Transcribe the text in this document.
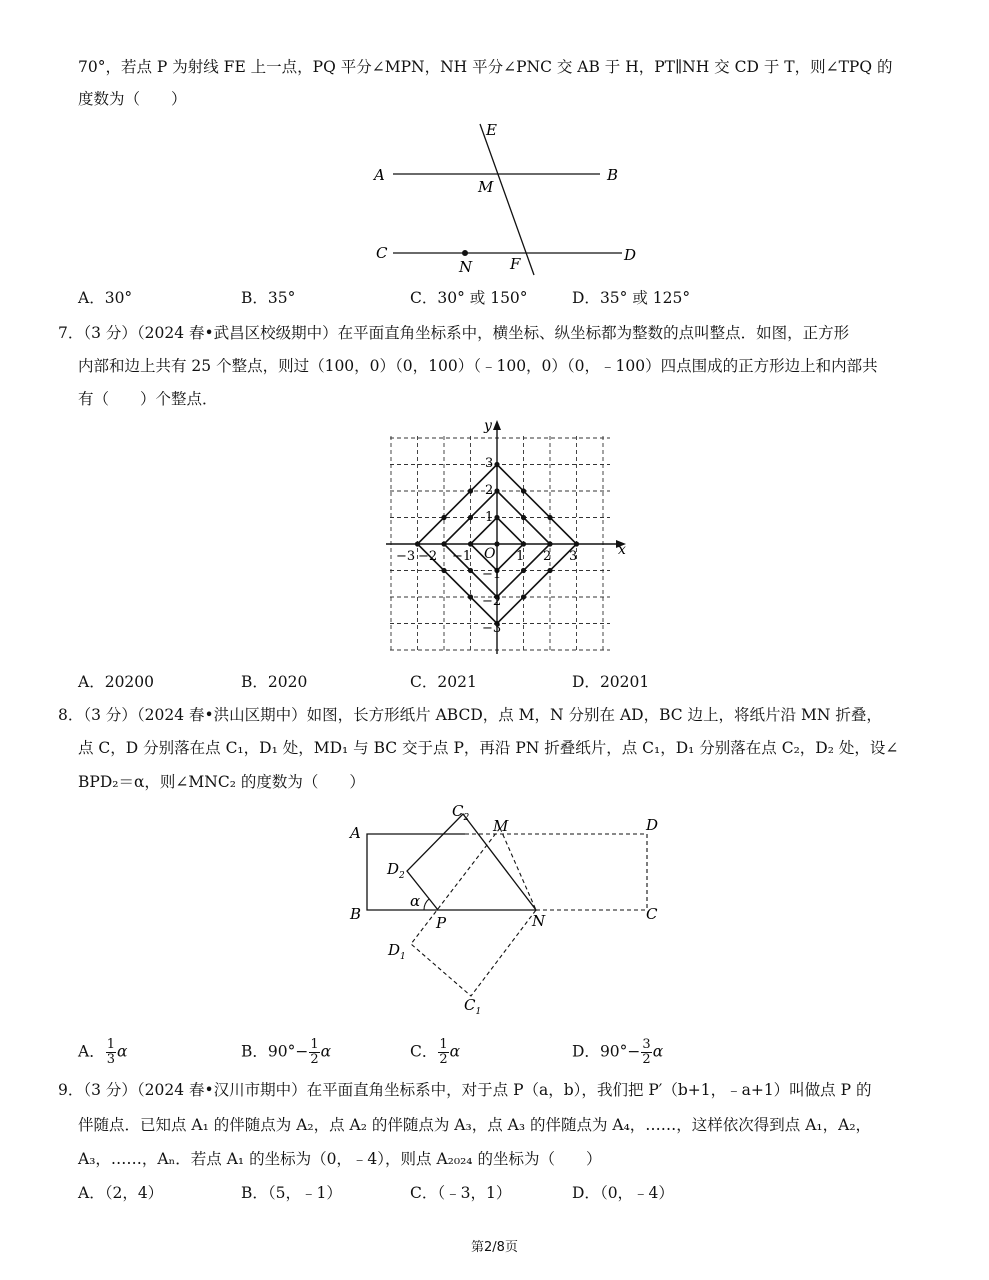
70°，若点 P 为射线 FE 上一点，PQ 平分∠MPN，NH 平分∠PNC 交 AB 于 H，PT∥NH 交 CD 于 T，则∠TPQ 的
度数为（　　）
E
A	B
M
C
N	F	D
A．30°	B．35°	C．30° 或 150°	D．35° 或 125°
7．（3 分）（2024 春•武昌区校级期中）在平面直角坐标系中，横坐标、纵坐标都为整数的点叫整点．如图，正方形
内部和边上共有 25 个整点，则过（100，0）（0，100）（﹣100，0）（0，﹣100）四点围成的正方形边上和内部共
有（　　）个整点．
x
y
O
−3 −2 −1	1 2 3
3
2
1
−1
−2
−3
A．20200	B．2020	C．2021	D．20201
8．（3 分）（2024 春•洪山区期中）如图，长方形纸片 ABCD，点 M，N 分别在 AD，BC 边上，将纸片沿 MN 折叠，
点 C，D 分别落在点 C₁，D₁ 处，MD₁ 与 BC 交于点 P，再沿 PN 折叠纸片，点 C₁，D₁ 分别落在点 C₂，D₂ 处，设∠
BPD₂＝α，则∠MNC₂ 的度数为（　　）
$C_2$ M	D
A
$D_2$
α
B	P	N	C
$D_1$
$C_1$
A． $\frac{1}{3}$ α	B．$90^\circ- \frac{1}{2}$ α	C． $\frac{1}{2}$ α	D．$90^\circ- \frac{3}{2}$ α
9．（3 分）（2024 春•汉川市期中）在平面直角坐标系中，对于点 P（a，b），我们把 P′（b+1，﹣a+1）叫做点 P 的
伴随点．已知点 A₁ 的伴随点为 A₂，点 A₂ 的伴随点为 A₃，点 A₃ 的伴随点为 A₄，……，这样依次得到点 A₁，A₂，
A₃，……，Aₙ．若点 A₁ 的坐标为（0，﹣4），则点 A₂₀₂₄ 的坐标为（　　）
A．（2，4）	B．（5，﹣1）	C．（﹣3，1）	D．（0，﹣4）
第2/8页
